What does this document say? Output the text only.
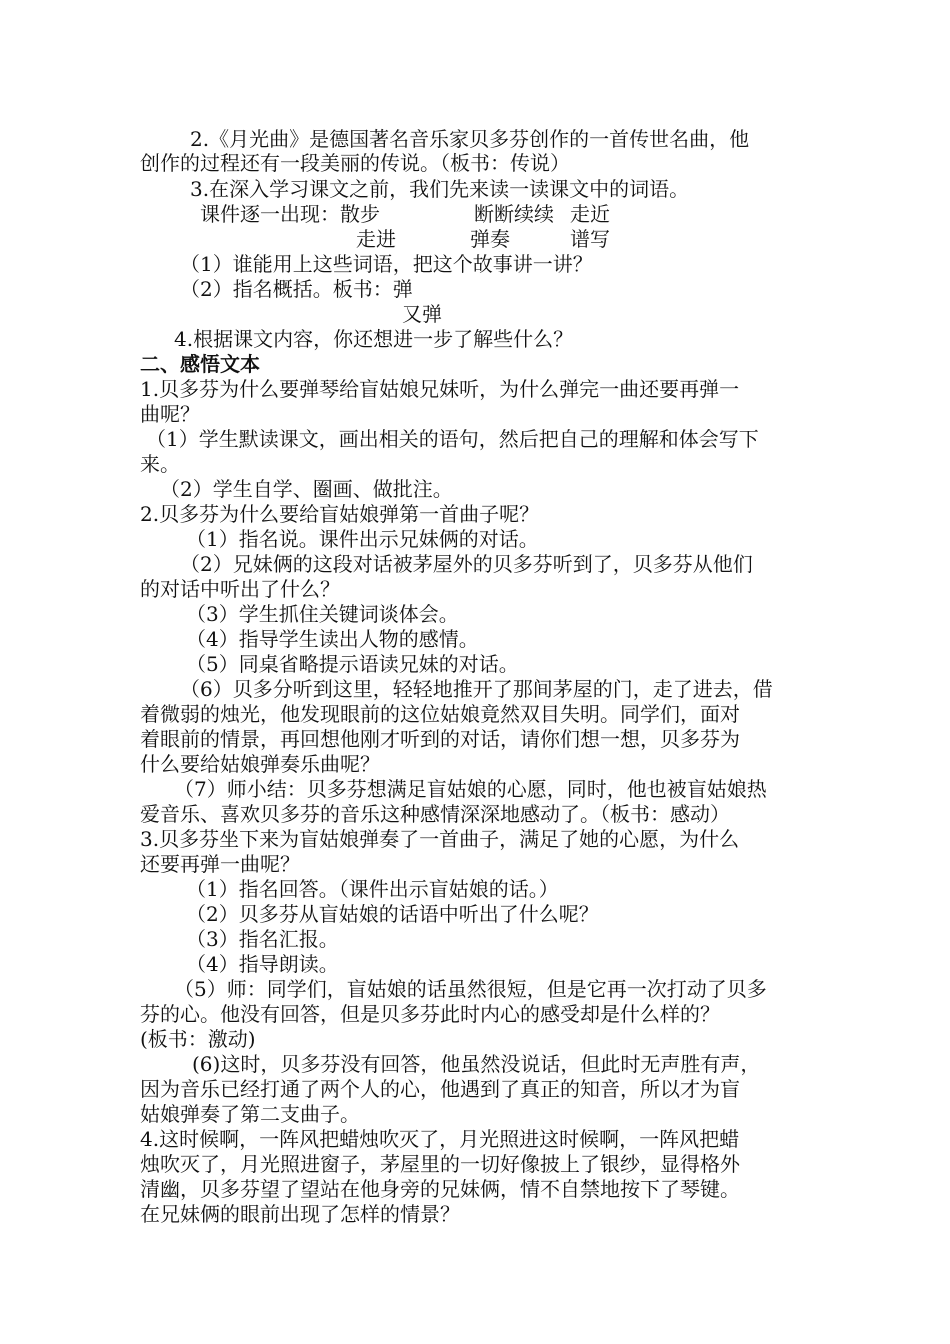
2.《月光曲》是德国著名音乐家贝多芬创作的一首传世名曲，他
创作的过程还有一段美丽的传说。（板书：传说）
3.在深入学习课文之前，我们先来读一读课文中的词语。
课件逐一出现：散步	断断续续 走近
走进	弹奏	谱写
（1）谁能用上这些词语，把这个故事讲一讲？
（2）指名概括。板书：弹
又弹
4.根据课文内容，你还想进一步了解些什么？
二、感悟文本
1.贝多芬为什么要弹琴给盲姑娘兄妹听，为什么弹完一曲还要再弹一
曲呢？
（1）学生默读课文，画出相关的语句，然后把自己的理解和体会写下
来。
（2）学生自学、圈画、做批注。
2.贝多芬为什么要给盲姑娘弹第一首曲子呢？
（1）指名说。课件出示兄妹俩的对话。
（2）兄妹俩的这段对话被茅屋外的贝多芬听到了，贝多芬从他们
的对话中听出了什么？
（3）学生抓住关键词谈体会。
（4）指导学生读出人物的感情。
（5）同桌省略提示语读兄妹的对话。
（6）贝多分听到这里，轻轻地推开了那间茅屋的门，走了进去，借
着微弱的烛光，他发现眼前的这位姑娘竟然双目失明。同学们，面对
着眼前的情景，再回想他刚才听到的对话，请你们想一想，贝多芬为
什么要给姑娘弹奏乐曲呢？
（7）师小结：贝多芬想满足盲姑娘的心愿，同时，他也被盲姑娘热
爱音乐、喜欢贝多芬的音乐这种感情深深地感动了。（板书：感动）
3.贝多芬坐下来为盲姑娘弹奏了一首曲子，满足了她的心愿，为什么
还要再弹一曲呢？
（1）指名回答。（课件出示盲姑娘的话。）
（2）贝多芬从盲姑娘的话语中听出了什么呢？
（3）指名汇报。
（4）指导朗读。
（5）师：同学们，盲姑娘的话虽然很短，但是它再一次打动了贝多
芬的心。他没有回答，但是贝多芬此时内心的感受却是什么样的？
(板书：激动)
(6)这时，贝多芬没有回答，他虽然没说话，但此时无声胜有声，
因为音乐已经打通了两个人的心，他遇到了真正的知音，所以才为盲
姑娘弹奏了第二支曲子。
4.这时候啊，一阵风把蜡烛吹灭了，月光照进这时候啊，一阵风把蜡
烛吹灭了，月光照进窗子，茅屋里的一切好像披上了银纱，显得格外
清幽，贝多芬望了望站在他身旁的兄妹俩，情不自禁地按下了琴键。
在兄妹俩的眼前出现了怎样的情景？
